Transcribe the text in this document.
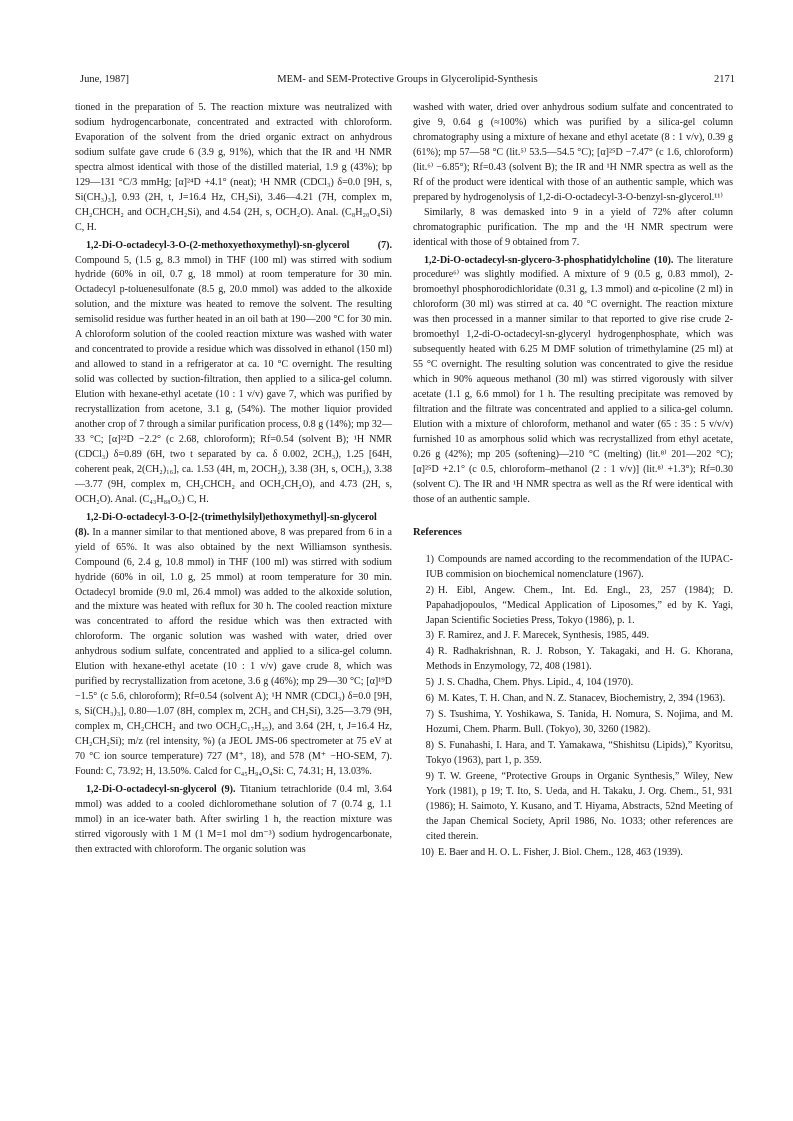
June, 1987]	MEM- and SEM-Protective Groups in Glycerolipid-Synthesis	2171

tioned in the preparation of 5. The reaction mixture was neutralized with sodium hydrogencarbonate, concentrated and extracted with chloroform. Evaporation of the solvent from the dried organic extract on anhydrous sodium sulfate gave crude 6 (3.9 g, 91%), which that the IR and ¹H NMR spectra almost identical with those of the distilled material, 1.9 g (43%); bp 129—131 °C/3 mmHg; [α]²⁴D +4.1° (neat); ¹H NMR (CDCl₃) δ=0.0 [9H, s, Si(CH₃)₃], 0.93 (2H, t, J=16.4 Hz, CH₂Si), 3.46—4.21 (7H, complex m, CH₂CHCH₂ and OCH₂CH₂Si), and 4.54 (2H, s, OCH₂O). Anal. (C₈H₂₀O₄Si) C, H.

1,2-Di-O-octadecyl-3-O-(2-methoxyethoxymethyl)-sn-glycerol (7). Compound 5, (1.5 g, 8.3 mmol) in THF (100 ml) was stirred with sodium hydride (60% in oil, 0.7 g, 18 mmol) at room temperature for 30 min. Octadecyl p-toluenesulfonate (8.5 g, 20.0 mmol) was added to the alkoxide solution, and the mixture was heated to remove the solvent. The resulting semisolid residue was further heated in an oil bath at 190—200 °C for 30 min. A chloroform solution of the cooled reaction mixture was washed with water and concentrated to provide a residue which was dissolved in ethanol (150 ml) and allowed to stand in a refrigerator at ca. 10 °C overnight. The resulting solid was collected by suction-filtration, then applied to a silica-gel column. Elution with hexane-ethyl acetate (10 : 1 v/v) gave 7, which was purified by recrystallization from acetone, 3.1 g, (54%). The mother liquior provided another crop of 7 through a similar purification process, 0.8 g (14%); mp 32—33 °C; [α]²²D −2.2° (c 2.68, chloroform); Rf=0.54 (solvent B); ¹H NMR (CDCl₃) δ=0.89 (6H, two t separated by ca. δ 0.002, 2CH₃), 1.25 [64H, coherent peak, 2(CH₂)₁₆], ca. 1.53 (4H, m, 2OCH₂), 3.38 (3H, s, OCH₃), 3.38—3.77 (9H, complex m, CH₂CHCH₂ and OCH₂CH₂O), and 4.73 (2H, s, OCH₂O). Anal. (C₄₃H₈₈O₅) C, H.

1,2-Di-O-octadecyl-3-O-[2-(trimethylsilyl)ethoxymethyl]-sn-glycerol (8). In a manner similar to that mentioned above, 8 was prepared from 6 in a yield of 65%. It was also obtained by the next Williamson synthesis. Compound (6, 2.4 g, 10.8 mmol) in THF (100 ml) was stirred with sodium hydride (60% in oil, 1.0 g, 25 mmol) at room temperature for 30 min. Octadecyl bromide (9.0 ml, 26.4 mmol) was added to the alkoxide solution, and the mixture was heated with reflux for 30 h. The cooled reaction mixture was concentrated to afford the residue which was then extracted with chloroform. The organic solution was washed with water, dried over anhydrous sodium sulfate, concentrated and applied to a silica-gel column. Elution with hexane-ethyl acetate (10 : 1 v/v) gave crude 8, which was purified by recrystallization from acetone, 3.6 g (46%); mp 29—30 °C; [α]¹⁹D −1.5° (c 5.6, chloroform); Rf=0.54 (solvent A); ¹H NMR (CDCl₃) δ=0.0 [9H, s, Si(CH₃)₃], 0.80—1.07 (8H, complex m, 2CH₃ and CH₂Si), 3.25—3.79 (9H, complex m, CH₂CHCH₂ and two OCH₂C₁₇H₃₅), and 3.64 (2H, t, J=16.4 Hz, CH₂CH₂Si); m/z (rel intensity, %) (a JEOL JMS-06 spectrometer at 75 eV at 70 °C ion source temperature) 727 (M⁺, 18), and 578 (M⁺ −HO-SEM, 7). Found: C, 73.92; H, 13.50%. Calcd for C₄₅H₉₄O₄Si: C, 74.31; H, 13.03%.

1,2-Di-O-octadecyl-sn-glycerol (9). Titanium tetrachloride (0.4 ml, 3.64 mmol) was added to a cooled dichloromethane solution of 7 (0.74 g, 1.1 mmol) in an ice-water bath. After swirling 1 h, the reaction mixture was stirred vigorously with 1 M (1 M=1 mol dm⁻³) sodium hydrogencarbonate, then extracted with chloroform. The organic solution was

washed with water, dried over anhydrous sodium sulfate and concentrated to give 9, 0.64 g (≈100%) which was purified by a silica-gel column chromatography using a mixture of hexane and ethyl acetate (8 : 1 v/v), 0.39 g (61%); mp 57—58 °C (lit.⁵⁾ 53.5—54.5 °C); [α]²⁵D −7.47° (c 1.6, chloroform) (lit.⁶⁾ −6.85°); Rf=0.43 (solvent B); the IR and ¹H NMR spectra as well as the Rf of the product were identical with those of an authentic sample, which was prepared by hydrogenolysis of 1,2-di-O-octadecyl-3-O-benzyl-sn-glycerol.¹¹⁾

Similarly, 8 was demasked into 9 in a yield of 72% after column chromatographic purification. The mp and the ¹H NMR spectrum were identical with those of 9 obtained from 7.

1,2-Di-O-octadecyl-sn-glycero-3-phosphatidylcholine (10). The literature procedure⁶⁾ was slightly modified. A mixture of 9 (0.5 g, 0.83 mmol), 2-bromoethyl phosphorodichloridate (0.31 g, 1.3 mmol) and α-picoline (2 ml) in chloroform (30 ml) was stirred at ca. 40 °C overnight. The reaction mixture was then processed in a manner similar to that reported to give rise crude 2-bromoethyl 1,2-di-O-octadecyl-sn-glyceryl hydrogenphosphate, which was subsequently heated with 6.25 M DMF solution of trimethylamine (25 ml) at 55 °C overnight. The resulting solution was concentrated to give the residue which in 90% aqueous methanol (30 ml) was stirred vigorously with silver acetate (1.1 g, 6.6 mmol) for 1 h. The resulting precipitate was removed by filtration and the filtrate was concentrated and applied to a silica-gel column. Elution with a mixture of chloroform, methanol and water (65 : 35 : 5 v/v/v) furnished 10 as amorphous solid which was recrystallized from ethyl acetate, 0.26 g (42%); mp 205 (softening)—210 °C (melting) (lit.⁸⁾ 201—202 °C); [α]²⁵D +2.1° (c 0.5, chloroform–methanol (2 : 1 v/v)] (lit.⁸⁾ +1.3°); Rf=0.30 (solvent C). The IR and ¹H NMR spectra as well as the Rf were identical with those of an authentic sample.

References

1) Compounds are named according to the recommendation of the IUPAC-IUB commision on biochemical nomenclature (1967).

2) H. Eibl, Angew. Chem., Int. Ed. Engl., 23, 257 (1984); D. Papahadjopoulos, “Medical Application of Liposomes,” ed by K. Yagi, Japan Scientific Societies Press, Tokyo (1986), p. 1.

3) F. Ramirez, and J. F. Marecek, Synthesis, 1985, 449.

4) R. Radhakrishnan, R. J. Robson, Y. Takagaki, and H. G. Khorana, Methods in Enzymology, 72, 408 (1981).

5) J. S. Chadha, Chem. Phys. Lipid., 4, 104 (1970).

6) M. Kates, T. H. Chan, and N. Z. Stanacev, Biochemistry, 2, 394 (1963).

7) S. Tsushima, Y. Yoshikawa, S. Tanida, H. Nomura, S. Nojima, and M. Hozumi, Chem. Pharm. Bull. (Tokyo), 30, 3260 (1982).

8) S. Funahashi, I. Hara, and T. Yamakawa, “Shishitsu (Lipids),” Kyoritsu, Tokyo (1963), part 1, p. 359.

9) T. W. Greene, “Protective Groups in Organic Synthesis,” Wiley, New York (1981), p 19; T. Ito, S. Ueda, and H. Takaku, J. Org. Chem., 51, 931 (1986); H. Saimoto, Y. Kusano, and T. Hiyama, Abstracts, 52nd Meeting of the Japan Chemical Society, April 1986, No. 1O33; other references are cited therein.

10) E. Baer and H. O. L. Fisher, J. Biol. Chem., 128, 463 (1939).
